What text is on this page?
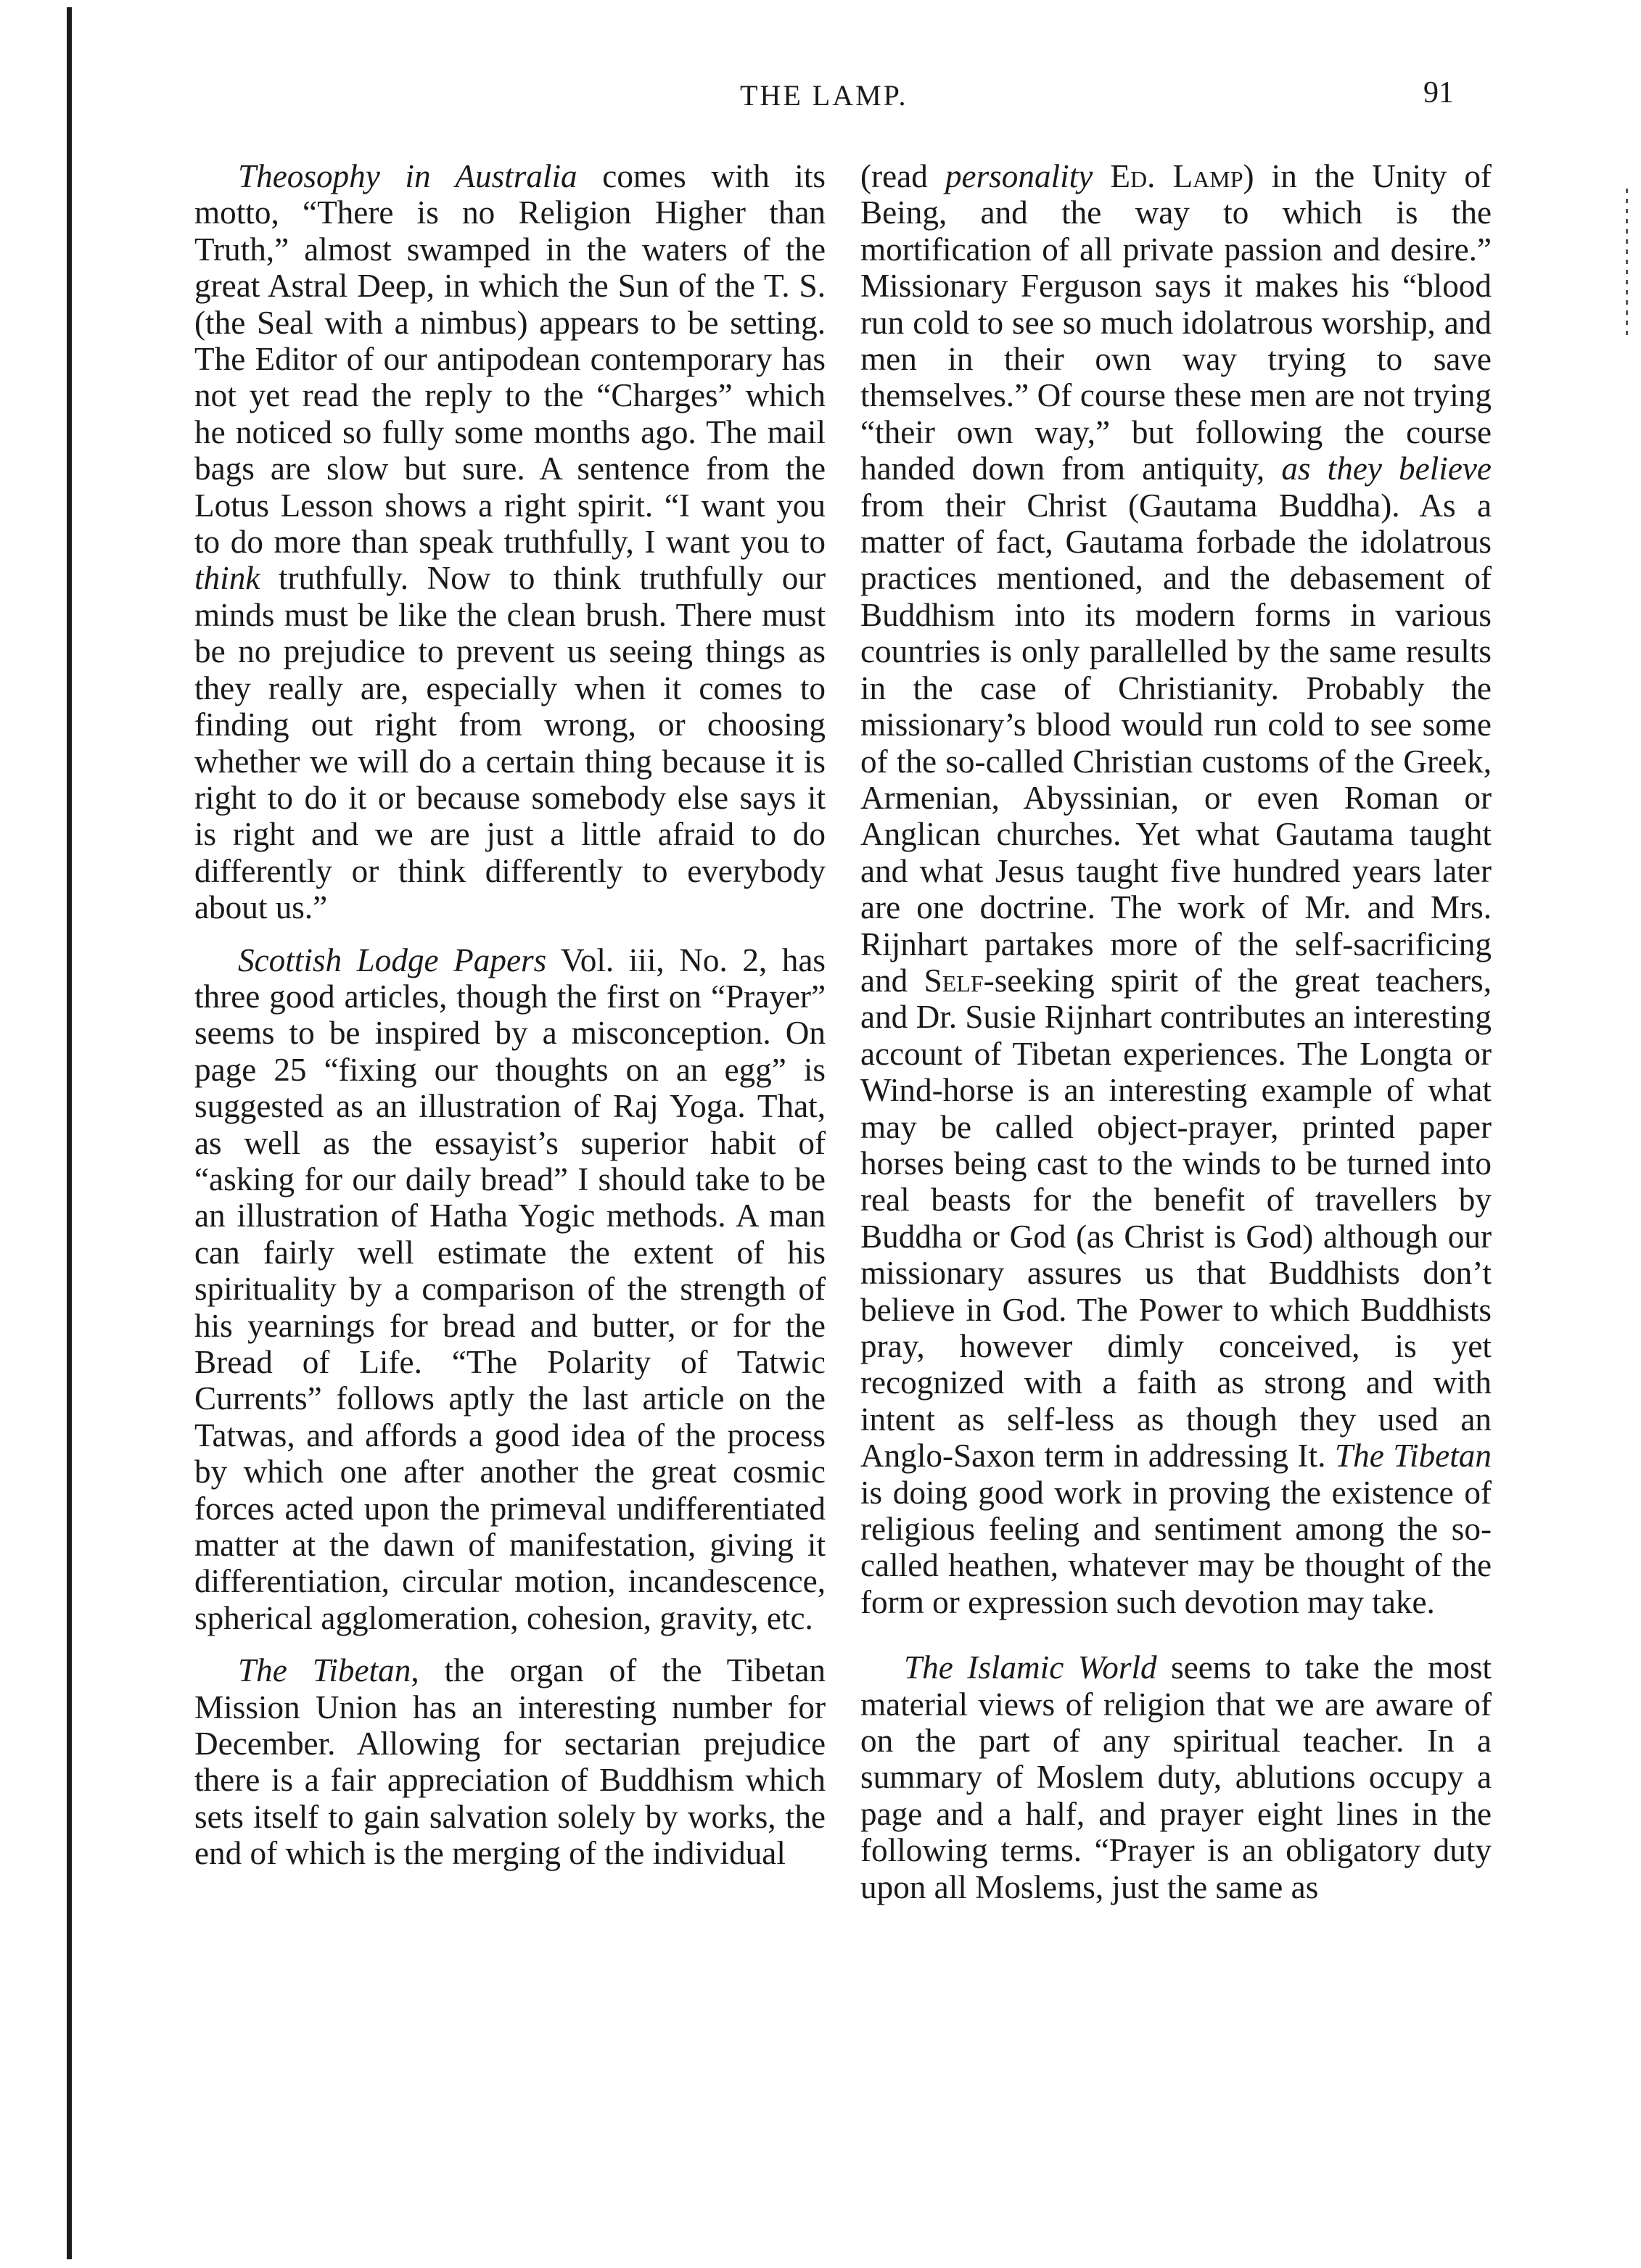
THE LAMP.	91

Theosophy in Australia comes with its motto, “There is no Religion Higher than Truth,” almost swamped in the waters of the great Astral Deep, in which the Sun of the T. S. (the Seal with a nimbus) appears to be setting. The Editor of our antipodean contemporary has not yet read the reply to the “Charges” which he noticed so fully some months ago. The mail bags are slow but sure. A sentence from the Lotus Lesson shows a right spirit. “I want you to do more than speak truthfully, I want you to think truthfully. Now to think truthfully our minds must be like the clean brush. There must be no prejudice to prevent us seeing things as they really are, especially when it comes to finding out right from wrong, or choosing whether we will do a certain thing because it is right to do it or because somebody else says it is right and we are just a little afraid to do differently or think differently to everybody about us.”

Scottish Lodge Papers Vol. iii, No. 2, has three good articles, though the first on “Prayer” seems to be inspired by a misconception. On page 25 “fixing our thoughts on an egg” is suggested as an illustration of Raj Yoga. That, as well as the essayist’s superior habit of “asking for our daily bread” I should take to be an illustration of Hatha Yogic methods. A man can fairly well estimate the extent of his spirituality by a comparison of the strength of his yearnings for bread and butter, or for the Bread of Life. “The Polarity of Tatwic Currents” follows aptly the last article on the Tatwas, and affords a good idea of the process by which one after another the great cosmic forces acted upon the primeval undifferentiated matter at the dawn of manifestation, giving it differentiation, circular motion, incandescence, spherical agglomeration, cohesion, gravity, etc.

The Tibetan, the organ of the Tibetan Mission Union has an interesting number for December. Allowing for sectarian prejudice there is a fair appreciation of Buddhism which sets itself to gain salvation solely by works, the end of which is the merging of the individual

(read personality Ed. Lamp) in the Unity of Being, and the way to which is the mortification of all private passion and desire.” Missionary Ferguson says it makes his “blood run cold to see so much idolatrous worship, and men in their own way trying to save themselves.” Of course these men are not trying “their own way,” but following the course handed down from antiquity, as they believe from their Christ (Gautama Buddha). As a matter of fact, Gautama forbade the idolatrous practices mentioned, and the debasement of Buddhism into its modern forms in various countries is only parallelled by the same results in the case of Christianity. Probably the missionary’s blood would run cold to see some of the so-called Christian customs of the Greek, Armenian, Abyssinian, or even Roman or Anglican churches. Yet what Gautama taught and what Jesus taught five hundred years later are one doctrine. The work of Mr. and Mrs. Rijnhart partakes more of the self-sacrificing and Self-seeking spirit of the great teachers, and Dr. Susie Rijnhart contributes an interesting account of Tibetan experiences. The Longta or Wind-horse is an interesting example of what may be called object-prayer, printed paper horses being cast to the winds to be turned into real beasts for the benefit of travellers by Buddha or God (as Christ is God) although our missionary assures us that Buddhists don’t believe in God. The Power to which Buddhists pray, however dimly conceived, is yet recognized with a faith as strong and with intent as self-less as though they used an Anglo-Saxon term in addressing It. The Tibetan is doing good work in proving the existence of religious feeling and sentiment among the so-called heathen, whatever may be thought of the form or expression such devotion may take.

The Islamic World seems to take the most material views of religion that we are aware of on the part of any spiritual teacher. In a summary of Moslem duty, ablutions occupy a page and a half, and prayer eight lines in the following terms. “Prayer is an obligatory duty upon all Moslems, just the same as
